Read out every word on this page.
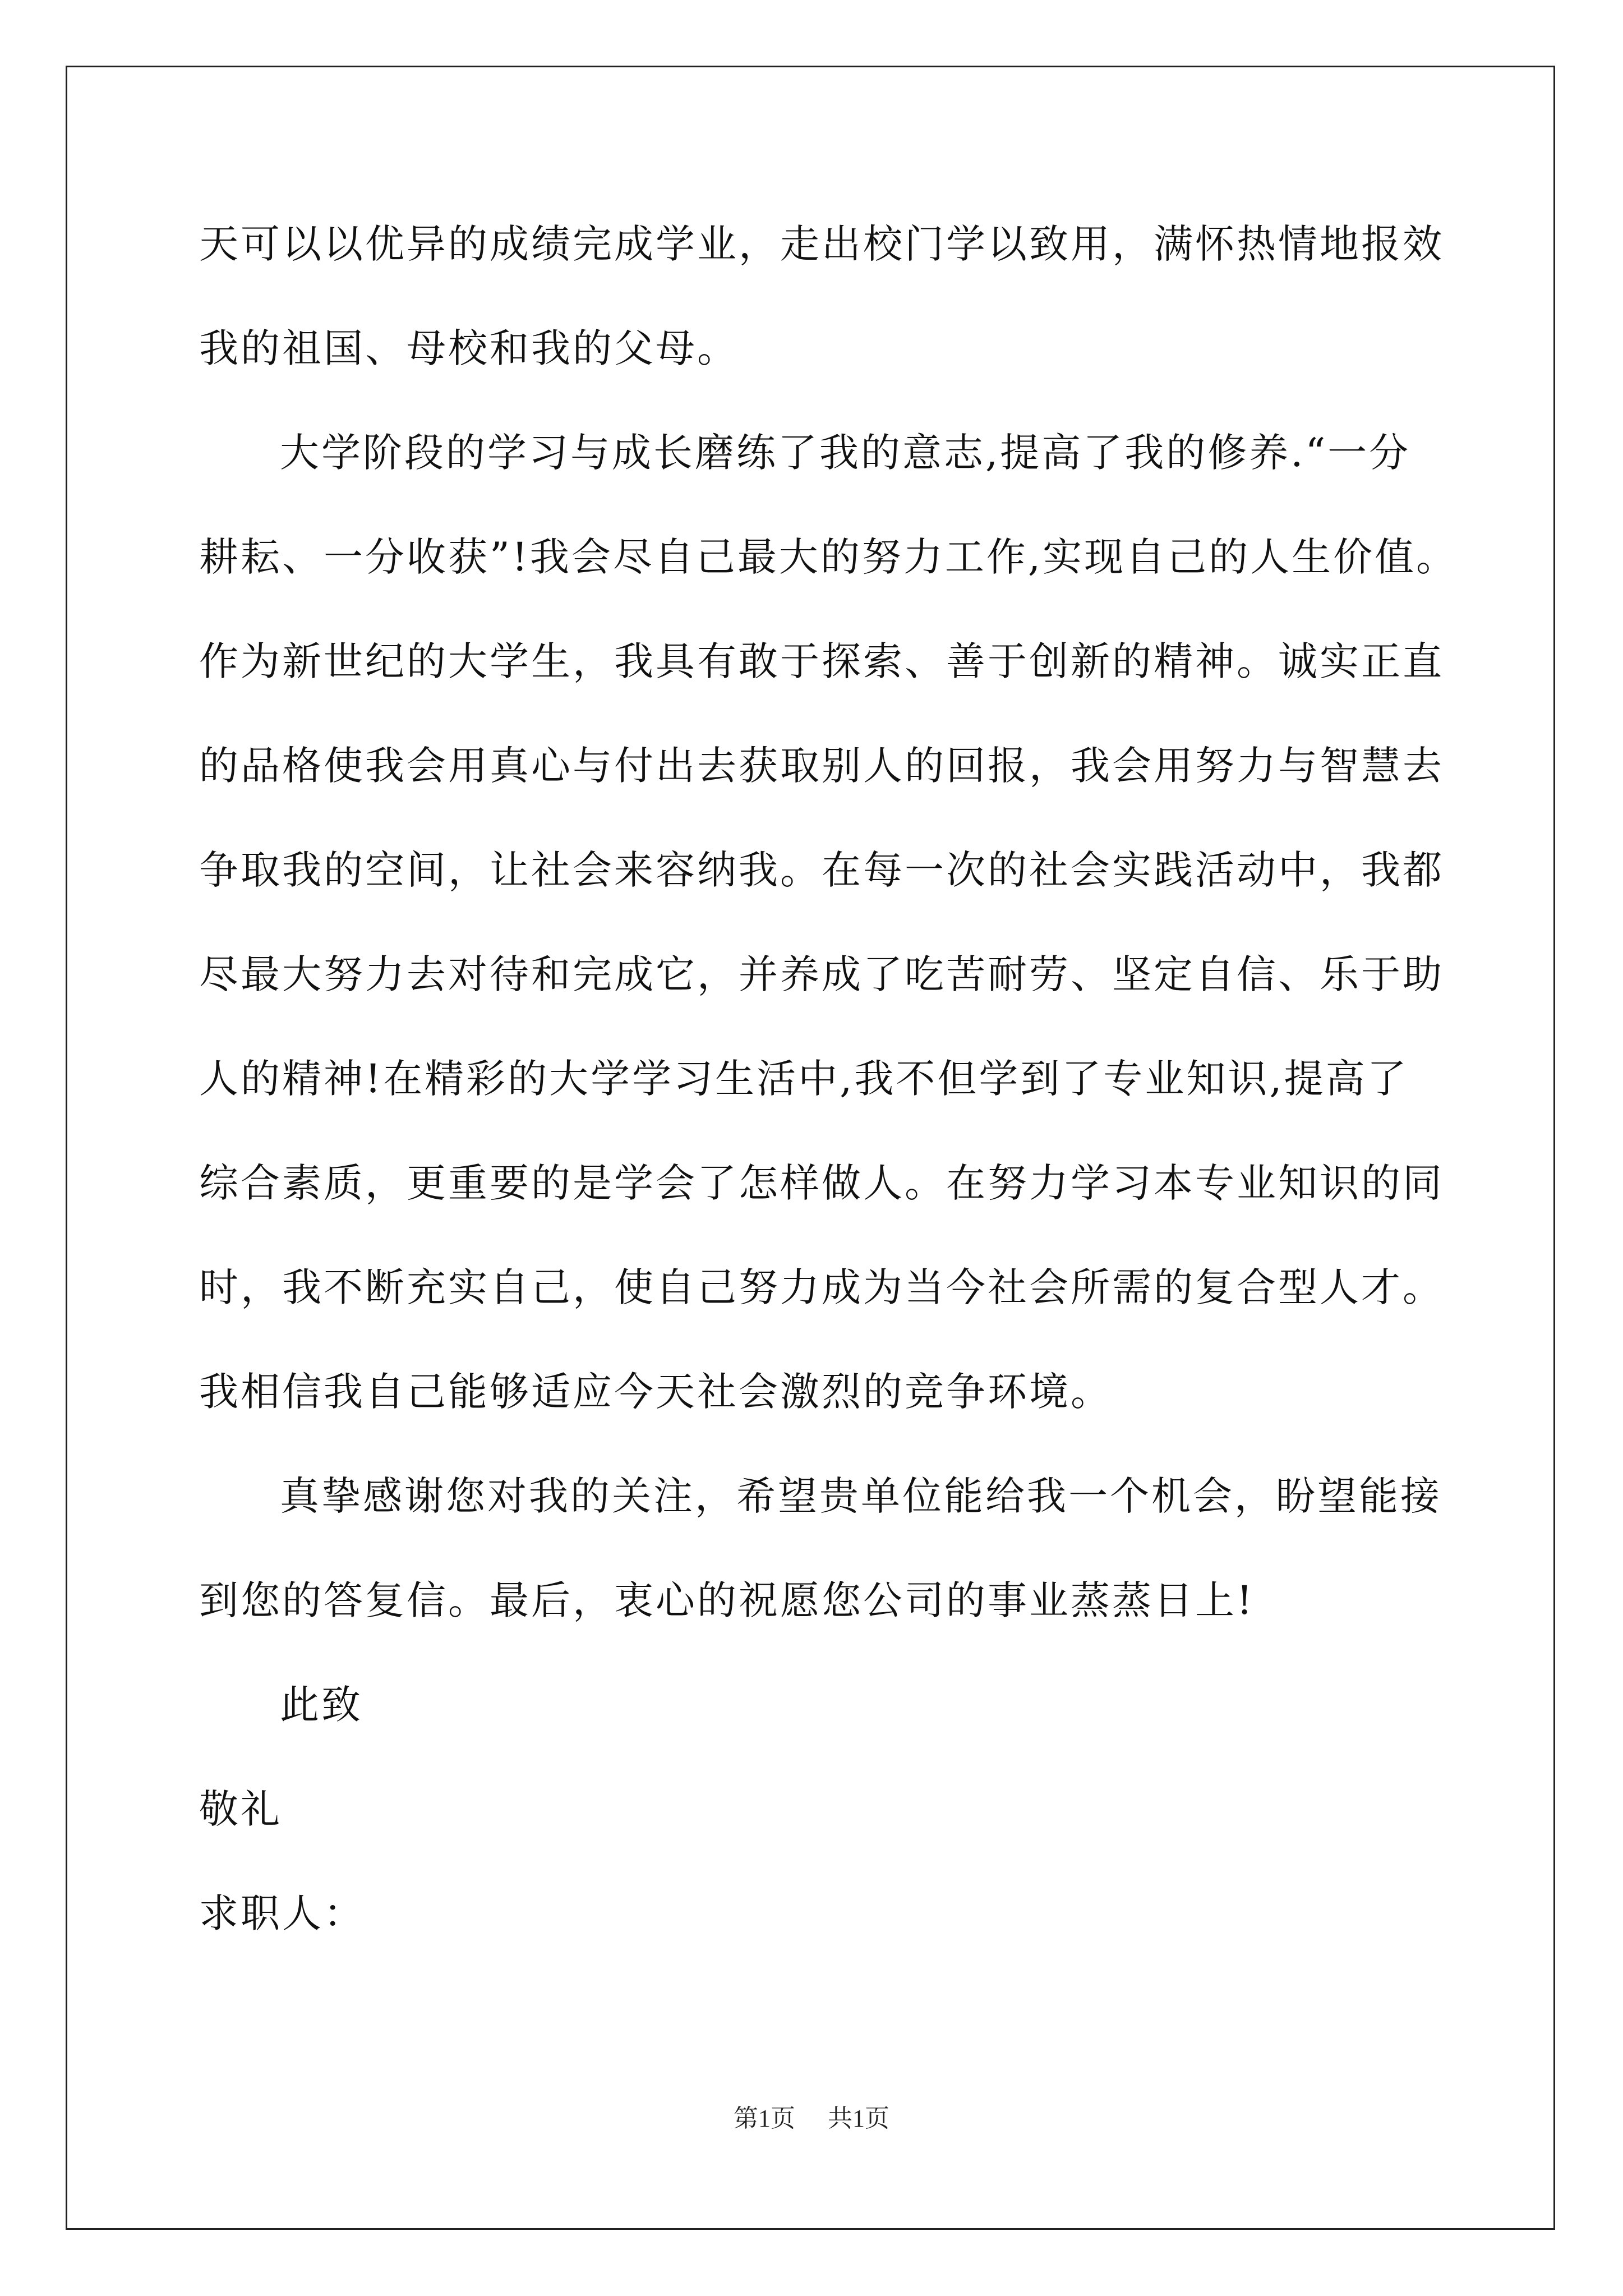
天可以以优异的成绩完成学业，走出校门学以致用，满怀热情地报效
我的祖国、母校和我的父母。
大学阶段的学习与成长磨练了我的意志,提高了我的修养.“一分
耕耘、一分收获”!我会尽自己最大的努力工作,实现自己的人生价值。
作为新世纪的大学生，我具有敢于探索、善于创新的精神。诚实正直
的品格使我会用真心与付出去获取别人的回报，我会用努力与智慧去
争取我的空间，让社会来容纳我。在每一次的社会实践活动中，我都
尽最大努力去对待和完成它，并养成了吃苦耐劳、坚定自信、乐于助
人的精神!在精彩的大学学习生活中,我不但学到了专业知识,提高了
综合素质，更重要的是学会了怎样做人。在努力学习本专业知识的同
时，我不断充实自己，使自己努力成为当今社会所需的复合型人才。
我相信我自己能够适应今天社会激烈的竞争环境。
真挚感谢您对我的关注，希望贵单位能给我一个机会，盼望能接
到您的答复信。最后，衷心的祝愿您公司的事业蒸蒸日上!
此致
敬礼
求职人：
第1页 共1页
